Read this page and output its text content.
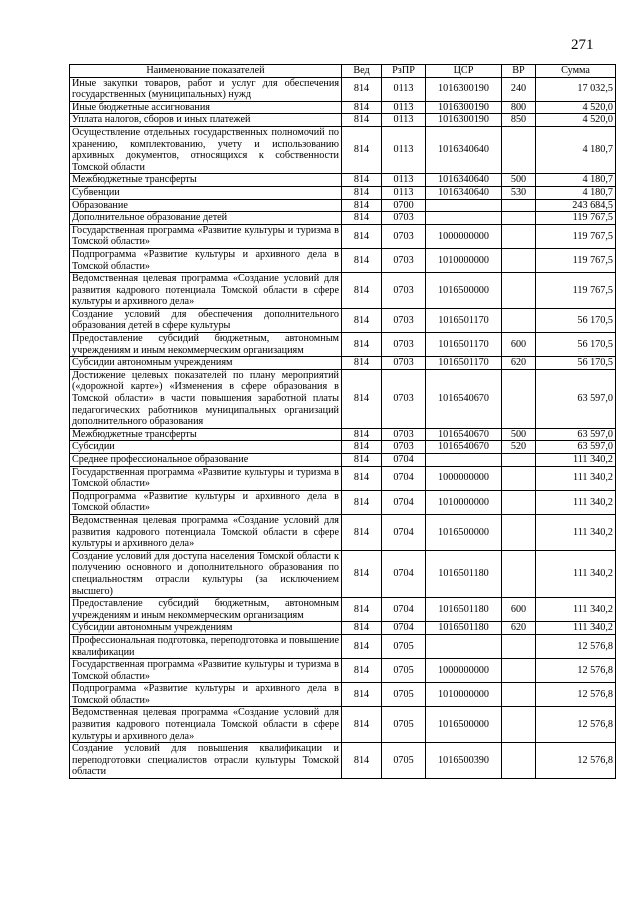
271
Наименование показателей	Вед	РзПР	ЦСР	ВР	Сумма
Иные закупки товаров, работ и услуг для обеспечения государственных (муниципальных) нужд	814	0113	1016300190	240	17 032,5
Иные бюджетные ассигнования	814	0113	1016300190	800	4 520,0
Уплата налогов, сборов и иных платежей	814	0113	1016300190	850	4 520,0
Осуществление отдельных государственных полномочий по хранению, комплектованию, учету и использованию архивных документов, относящихся к собственности Томской области	814	0113	1016340640		4 180,7
Межбюджетные трансферты	814	0113	1016340640	500	4 180,7
Субвенции	814	0113	1016340640	530	4 180,7
Образование	814	0700			243 684,5
Дополнительное образование детей	814	0703			119 767,5
Государственная программа «Развитие культуры и туризма в Томской области»	814	0703	1000000000		119 767,5
Подпрограмма «Развитие культуры и архивного дела в Томской области»	814	0703	1010000000		119 767,5
Ведомственная целевая программа «Создание условий для развития кадрового потенциала Томской области в сфере культуры и архивного дела»	814	0703	1016500000		119 767,5
Создание условий для обеспечения дополнительного образования детей в сфере культуры	814	0703	1016501170		56 170,5
Предоставление субсидий бюджетным, автономным учреждениям и иным некоммерческим организациям	814	0703	1016501170	600	56 170,5
Субсидии автономным учреждениям	814	0703	1016501170	620	56 170,5
Достижение целевых показателей по плану мероприятий («дорожной карте») «Изменения в сфере образования в Томской области» в части повышения заработной платы педагогических работников муниципальных организаций дополнительного образования	814	0703	1016540670		63 597,0
Межбюджетные трансферты	814	0703	1016540670	500	63 597,0
Субсидии	814	0703	1016540670	520	63 597,0
Среднее профессиональное образование	814	0704			111 340,2
Государственная программа «Развитие культуры и туризма в Томской области»	814	0704	1000000000		111 340,2
Подпрограмма «Развитие культуры и архивного дела в Томской области»	814	0704	1010000000		111 340,2
Ведомственная целевая программа «Создание условий для развития кадрового потенциала Томской области в сфере культуры и архивного дела»	814	0704	1016500000		111 340,2
Создание условий для доступа населения Томской области к получению основного и дополнительного образования по специальностям отрасли культуры (за исключением высшего)	814	0704	1016501180		111 340,2
Предоставление субсидий бюджетным, автономным учреждениям и иным некоммерческим организациям	814	0704	1016501180	600	111 340,2
Субсидии автономным учреждениям	814	0704	1016501180	620	111 340,2
Профессиональная подготовка, переподготовка и повышение квалификации	814	0705			12 576,8
Государственная программа «Развитие культуры и туризма в Томской области»	814	0705	1000000000		12 576,8
Подпрограмма «Развитие культуры и архивного дела в Томской области»	814	0705	1010000000		12 576,8
Ведомственная целевая программа «Создание условий для развития кадрового потенциала Томской области в сфере культуры и архивного дела»	814	0705	1016500000		12 576,8
Создание условий для повышения квалификации и переподготовки специалистов отрасли культуры Томской области	814	0705	1016500390		12 576,8
